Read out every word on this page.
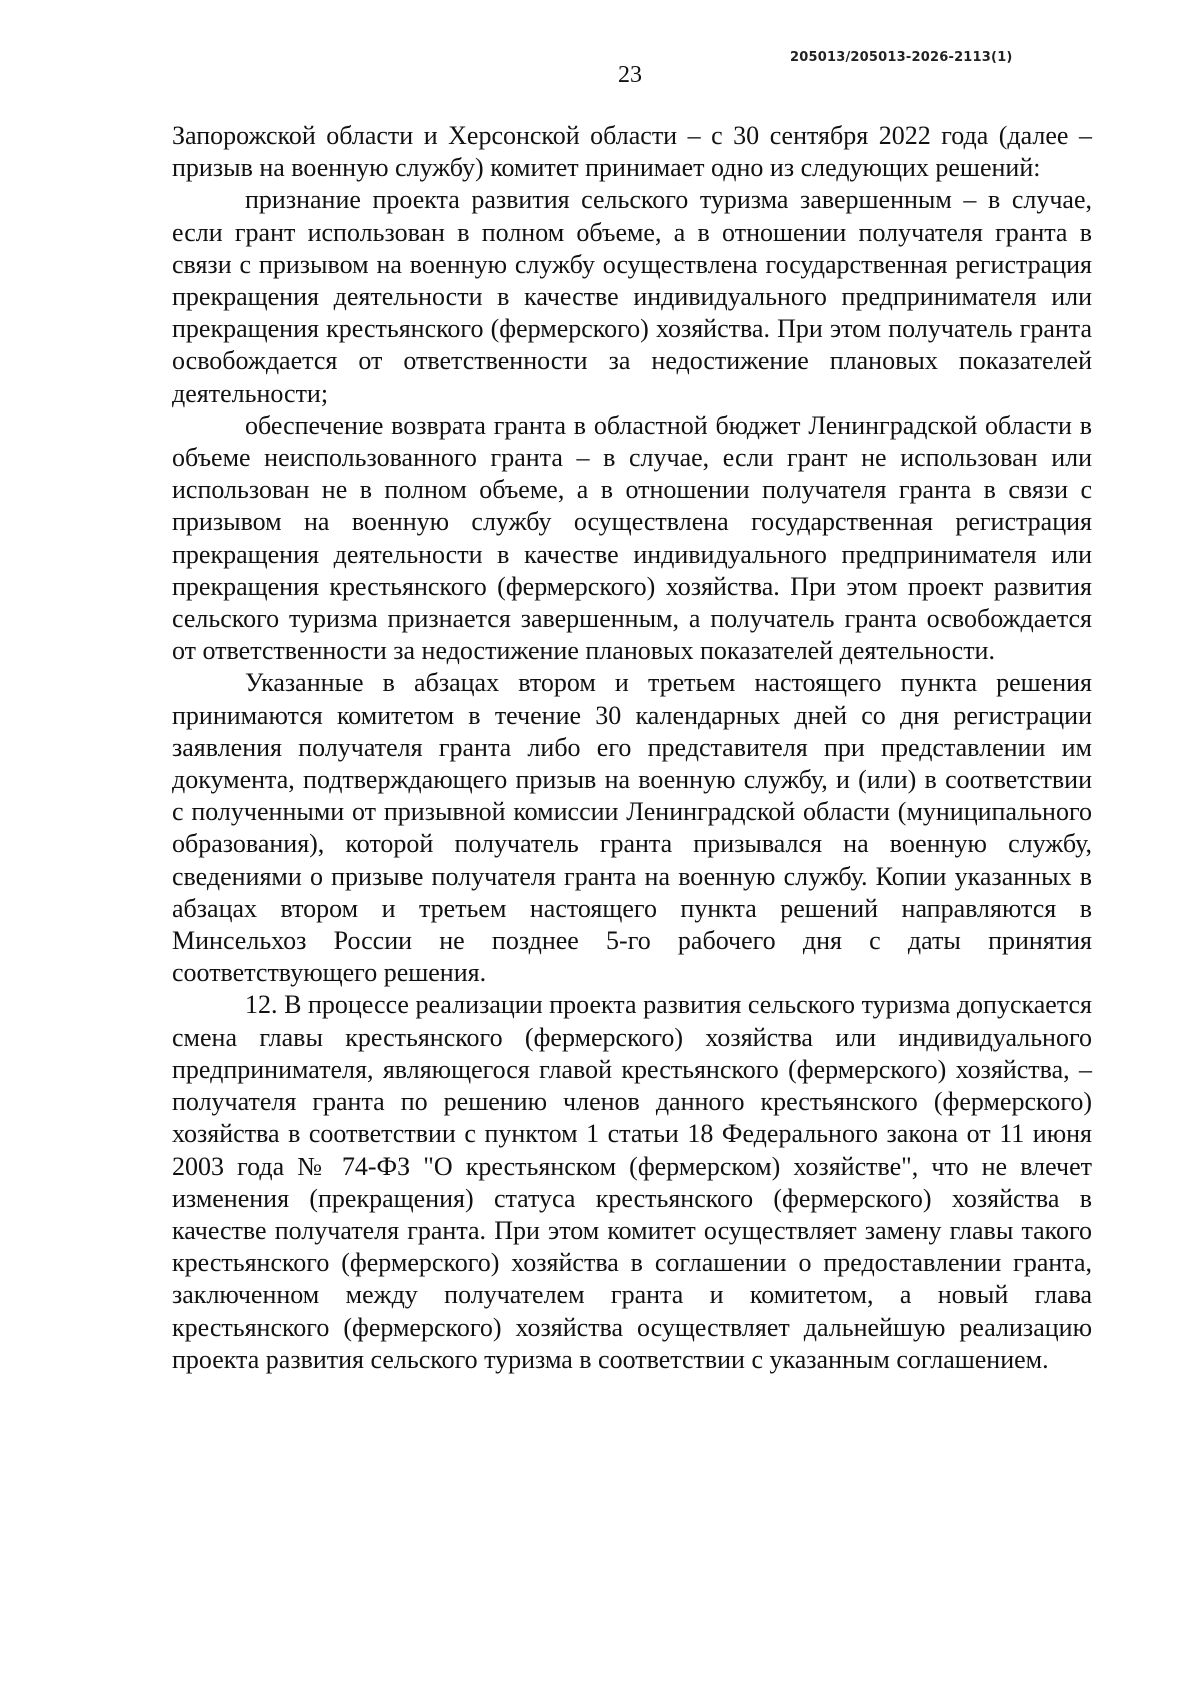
205013/205013-2026-2113(1)
23

Запорожской области и Херсонской области – с 30 сентября 2022 года (далее – призыв на военную службу) комитет принимает одно из следующих решений:

признание проекта развития сельского туризма завершенным – в случае, если грант использован в полном объеме, а в отношении получателя гранта в связи с призывом на военную службу осуществлена государственная регистрация прекращения деятельности в качестве индивидуального предпринимателя или прекращения крестьянского (фермерского) хозяйства. При этом получатель гранта освобождается от ответственности за недостижение плановых показателей деятельности;

обеспечение возврата гранта в областной бюджет Ленинградской области в объеме неиспользованного гранта – в случае, если грант не использован или использован не в полном объеме, а в отношении получателя гранта в связи с призывом на военную службу осуществлена государственная регистрация прекращения деятельности в качестве индивидуального предпринимателя или прекращения крестьянского (фермерского) хозяйства. При этом проект развития сельского туризма признается завершенным, а получатель гранта освобождается от ответственности за недостижение плановых показателей деятельности.

Указанные в абзацах втором и третьем настоящего пункта решения принимаются комитетом в течение 30 календарных дней со дня регистрации заявления получателя гранта либо его представителя при представлении им документа, подтверждающего призыв на военную службу, и (или) в соответствии с полученными от призывной комиссии Ленинградской области (муниципального образования), которой получатель гранта призывался на военную службу, сведениями о призыве получателя гранта на военную службу. Копии указанных в абзацах втором и третьем настоящего пункта решений направляются в Минсельхоз России не позднее 5-го рабочего дня с даты принятия соответствующего решения.

12. В процессе реализации проекта развития сельского туризма допускается смена главы крестьянского (фермерского) хозяйства или индивидуального предпринимателя, являющегося главой крестьянского (фермерского) хозяйства, – получателя гранта по решению членов данного крестьянского (фермерского) хозяйства в соответствии с пунктом 1 статьи 18 Федерального закона от 11 июня 2003 года № 74-ФЗ "О крестьянском (фермерском) хозяйстве", что не влечет изменения (прекращения) статуса крестьянского (фермерского) хозяйства в качестве получателя гранта. При этом комитет осуществляет замену главы такого крестьянского (фермерского) хозяйства в соглашении о предоставлении гранта, заключенном между получателем гранта и комитетом, а новый глава крестьянского (фермерского) хозяйства осуществляет дальнейшую реализацию проекта развития сельского туризма в соответствии с указанным соглашением.
